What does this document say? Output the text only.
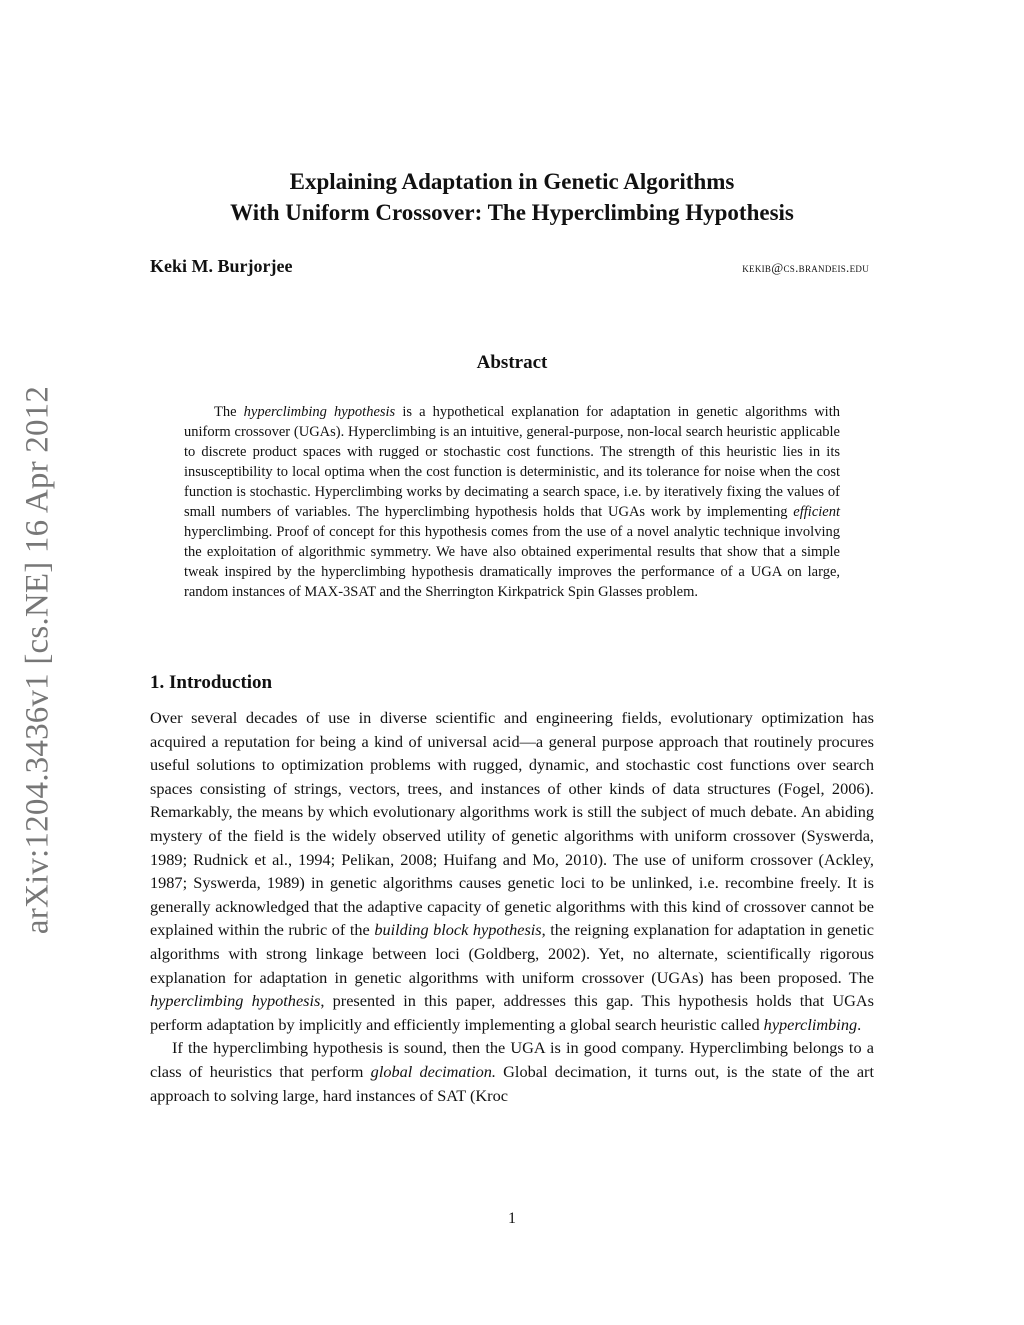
arXiv:1204.3436v1 [cs.NE] 16 Apr 2012
Explaining Adaptation in Genetic Algorithms
With Uniform Crossover: The Hyperclimbing Hypothesis
Keki M. Burjorjee	kekib@cs.brandeis.edu
Abstract

The hyperclimbing hypothesis is a hypothetical explanation for adaptation in genetic algorithms with uniform crossover (UGAs). Hyperclimbing is an intuitive, general-purpose, non-local search heuristic applicable to discrete product spaces with rugged or stochastic cost functions. The strength of this heuristic lies in its insusceptibility to local optima when the cost function is deterministic, and its tolerance for noise when the cost function is stochastic. Hyperclimbing works by decimating a search space, i.e. by iteratively fixing the values of small numbers of variables. The hyperclimbing hypothesis holds that UGAs work by implementing efficient hyperclimbing. Proof of concept for this hypothesis comes from the use of a novel analytic technique involving the exploitation of algorithmic symmetry. We have also obtained experimental results that show that a simple tweak inspired by the hyperclimbing hypothesis dramatically improves the performance of a UGA on large, random instances of MAX-3SAT and the Sherrington Kirkpatrick Spin Glasses problem.

1. Introduction

Over several decades of use in diverse scientific and engineering fields, evolutionary optimization has acquired a reputation for being a kind of universal acid—a general purpose approach that routinely procures useful solutions to optimization problems with rugged, dynamic, and stochastic cost functions over search spaces consisting of strings, vectors, trees, and instances of other kinds of data structures (Fogel, 2006). Remarkably, the means by which evolutionary algorithms work is still the subject of much debate. An abiding mystery of the field is the widely observed utility of genetic algorithms with uniform crossover (Syswerda, 1989; Rudnick et al., 1994; Pelikan, 2008; Huifang and Mo, 2010). The use of uniform crossover (Ackley, 1987; Syswerda, 1989) in genetic algorithms causes genetic loci to be unlinked, i.e. recombine freely. It is generally acknowledged that the adaptive capacity of genetic algorithms with this kind of crossover cannot be explained within the rubric of the building block hypothesis, the reigning explanation for adaptation in genetic algorithms with strong linkage between loci (Goldberg, 2002). Yet, no alternate, scientifically rigorous explanation for adaptation in genetic algorithms with uniform crossover (UGAs) has been proposed. The hyperclimbing hypothesis, presented in this paper, addresses this gap. This hypothesis holds that UGAs perform adaptation by implicitly and efficiently implementing a global search heuristic called hyperclimbing.

If the hyperclimbing hypothesis is sound, then the UGA is in good company. Hyperclimbing belongs to a class of heuristics that perform global decimation. Global decimation, it turns out, is the state of the art approach to solving large, hard instances of SAT (Kroc

1
